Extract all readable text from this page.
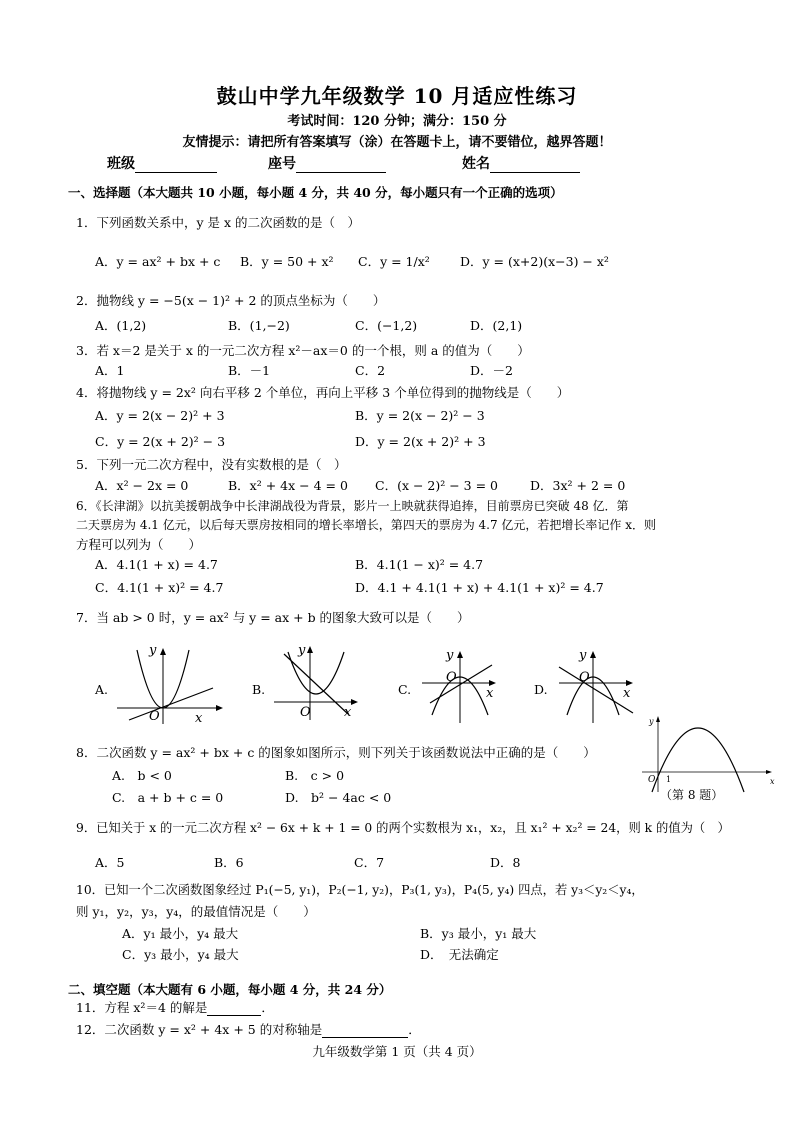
鼓山中学九年级数学 10 月适应性练习
考试时间：120 分钟；满分：150 分
友情提示：请把所有答案填写（涂）在答题卡上，请不要错位，越界答题！
班级	座号	姓名
一、选择题（本大题共 10 小题，每小题 4 分，共 40 分，每小题只有一个正确的选项）
1．下列函数关系中，y 是 x 的二次函数的是（　）
A．y = ax² + bx + c B．y = 50 + x² C．y = 1/x² D．y = (x+2)(x−3) − x²
2．抛物线 y = −5(x − 1)² + 2 的顶点坐标为（　　）
A．(1,2)	B．(1,−2)	C．(−1,2)	D．(2,1)
3．若 x＝2 是关于 x 的一元二次方程 x²－ax＝0 的一个根，则 a 的值为（　　）
A．1	B．－1	C．2	D．－2
4．将抛物线 y = 2x² 向右平移 2 个单位，再向上平移 3 个单位得到的抛物线是（　　）
A．y = 2(x − 2)² + 3	B．y = 2(x − 2)² − 3
C．y = 2(x + 2)² − 3	D．y = 2(x + 2)² + 3
5．下列一元二次方程中，没有实数根的是（　）
A．x² − 2x = 0	B．x² + 4x − 4 = 0 C．(x − 2)² − 3 = 0	D．3x² + 2 = 0
6．《长津湖》以抗美援朝战争中长津湖战役为背景，影片一上映就获得追捧，目前票房已突破 48 亿．第
二天票房为 4.1 亿元，以后每天票房按相同的增长率增长，第四天的票房为 4.7 亿元，若把增长率记作 x．则
方程可以列为（　　）
A．4.1(1 + x) = 4.7	B．4.1(1 − x)² = 4.7
C．4.1(1 + x)² = 4.7	D．4.1 + 4.1(1 + x) + 4.1(1 + x)² = 4.7
7．当 ab > 0 时，y = ax² 与 y = ax + b 的图象大致可以是（　　）
A.	B.	C.	D.
y
x
O
y
x
O
y
x
O
y
x
O
8．二次函数 y = ax² + bx + c 的图象如图所示，则下列关于该函数说法中正确的是（　　）
A.　b < 0	B.　c > 0
C.　a + b + c = 0	D.　b² − 4ac < 0
y
x
O 1
（第 8 题）
9．已知关于 x 的一元二次方程 x² − 6x + k + 1 = 0 的两个实数根为 x₁，x₂，且 x₁² + x₂² = 24，则 k 的值为（　）
A．5	B．6	C．7	D．8
10．已知一个二次函数图象经过 P₁(−5, y₁)，P₂(−1, y₂)，P₃(1, y₃)，P₄(5, y₄) 四点，若 y₃＜y₂＜y₄，
则 y₁，y₂，y₃，y₄，的最值情况是（　　）
A．y₁ 最小，y₄ 最大	B．y₃ 最小，y₁ 最大
C．y₃ 最小，y₄ 最大	D．　无法确定
二、填空题（本大题有 6 小题，每小题 4 分，共 24 分）
11．方程 x²＝4 的解是	．
12．二次函数 y = x² + 4x + 5 的对称轴是	．
九年级数学第 1 页（共 4 页）
